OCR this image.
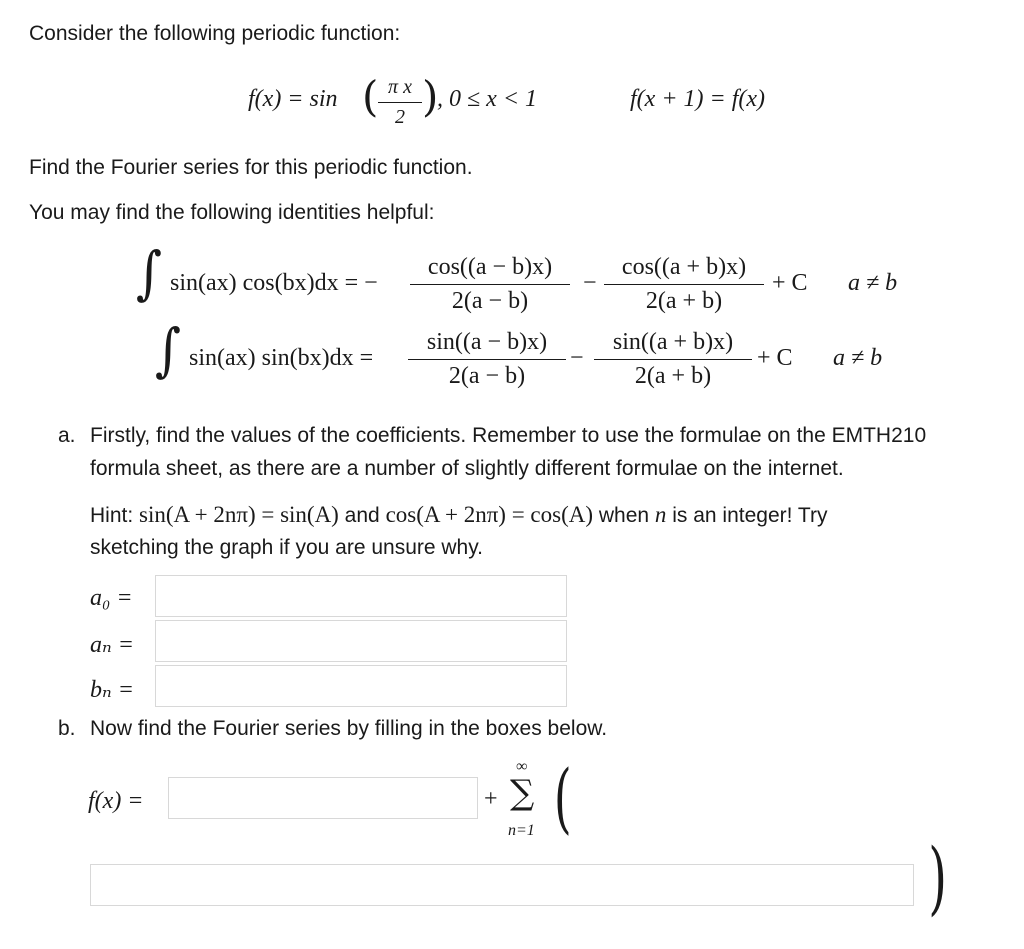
Consider the following periodic function:
f(x) = sin ( π x
2 )
, 0 ≤ x < 1	f(x + 1) = f(x)
Find the Fourier series for this periodic function.
You may find the following identities helpful:
∫ sin(ax) cos(bx)dx = −
cos((a − b)x)
2(a − b)
−
cos((a + b)x)
2(a + b)
+ C a ≠ b
∫ sin(ax) sin(bx)dx =
sin((a − b)x)
2(a − b)
−
sin((a + b)x)
2(a + b)
+ C a ≠ b
a. Firstly, find the values of the coefficients. Remember to use the formulae on the EMTH210
formula sheet, as there are a number of slightly different formulae on the internet.
Hint: sin(A + 2nπ) = sin(A) and cos(A + 2nπ) = cos(A) when n is an integer! Try
sketching the graph if you are unsure why.
a₀ =
aₙ =
bₙ =
b. Now find the Fourier series by filling in the boxes below.
f(x) =	+
∞
∑
n=1 (
)
